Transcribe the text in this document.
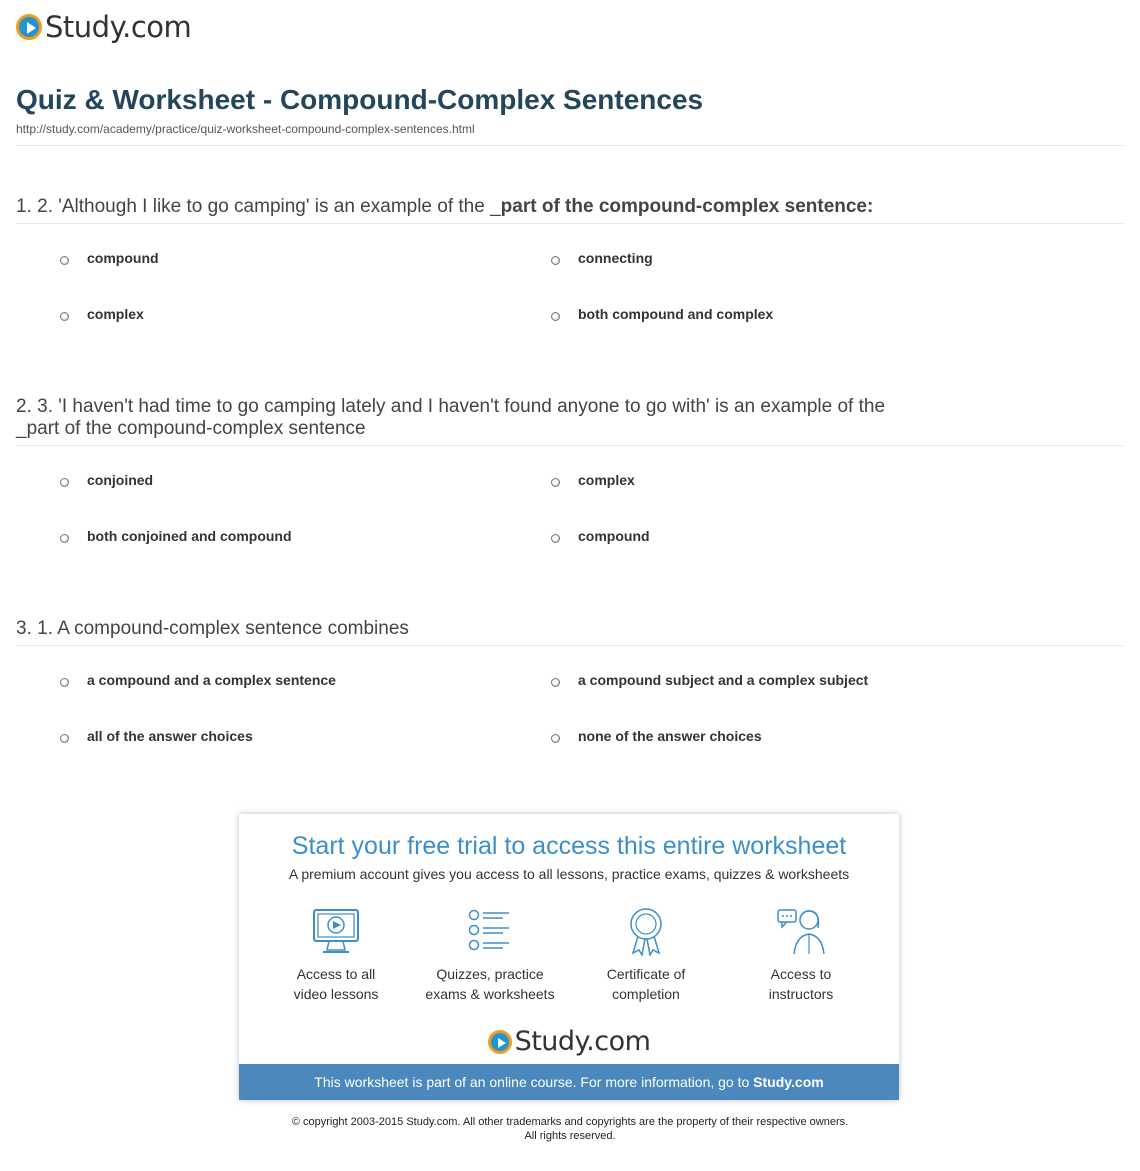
Study.com
Quiz & Worksheet - Compound-Complex Sentences
http://study.com/academy/practice/quiz-worksheet-compound-complex-sentences.html
1. 2. 'Although I like to go camping' is an example of the _part of the compound-complex sentence:
compound	connecting
complex	both compound and complex
2. 3. 'I haven't had time to go camping lately and I haven't found anyone to go with' is an example of the _part of the compound-complex sentence
conjoined	complex
both conjoined and compound	compound
3. 1. A compound-complex sentence combines
a compound and a complex sentence	a compound subject and a complex subject
all of the answer choices	none of the answer choices
Start your free trial to access this entire worksheet
A premium account gives you access to all lessons, practice exams, quizzes & worksheets
Access to all
video lessons
Quizzes, practice
exams & worksheets
Certificate of
completion
Access to
instructors
Study.com
This worksheet is part of an online course. For more information, go to Study.com
© copyright 2003-2015 Study.com. All other trademarks and copyrights are the property of their respective owners.
All rights reserved.
